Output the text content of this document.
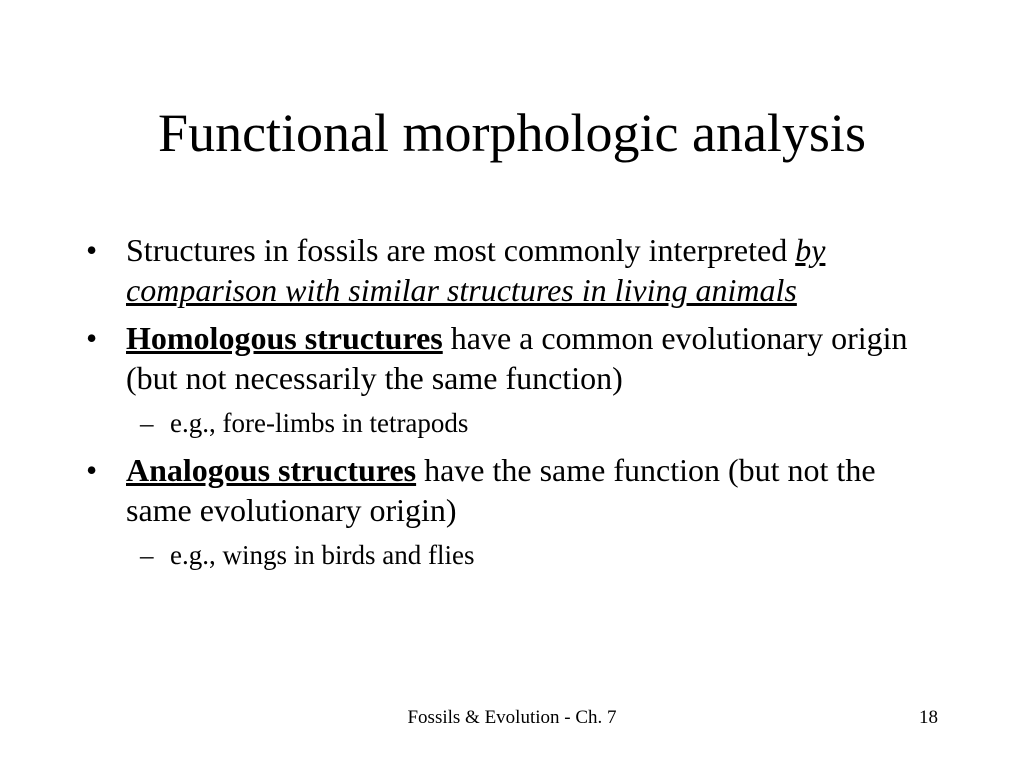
Functional morphologic analysis
• Structures in fossils are most commonly interpreted by comparison with similar structures in living animals
• Homologous structures have a common evolutionary origin (but not necessarily the same function)
– e.g., fore-limbs in tetrapods
• Analogous structures have the same function (but not the same evolutionary origin)
– e.g., wings in birds and flies
Fossils & Evolution - Ch. 7	18
